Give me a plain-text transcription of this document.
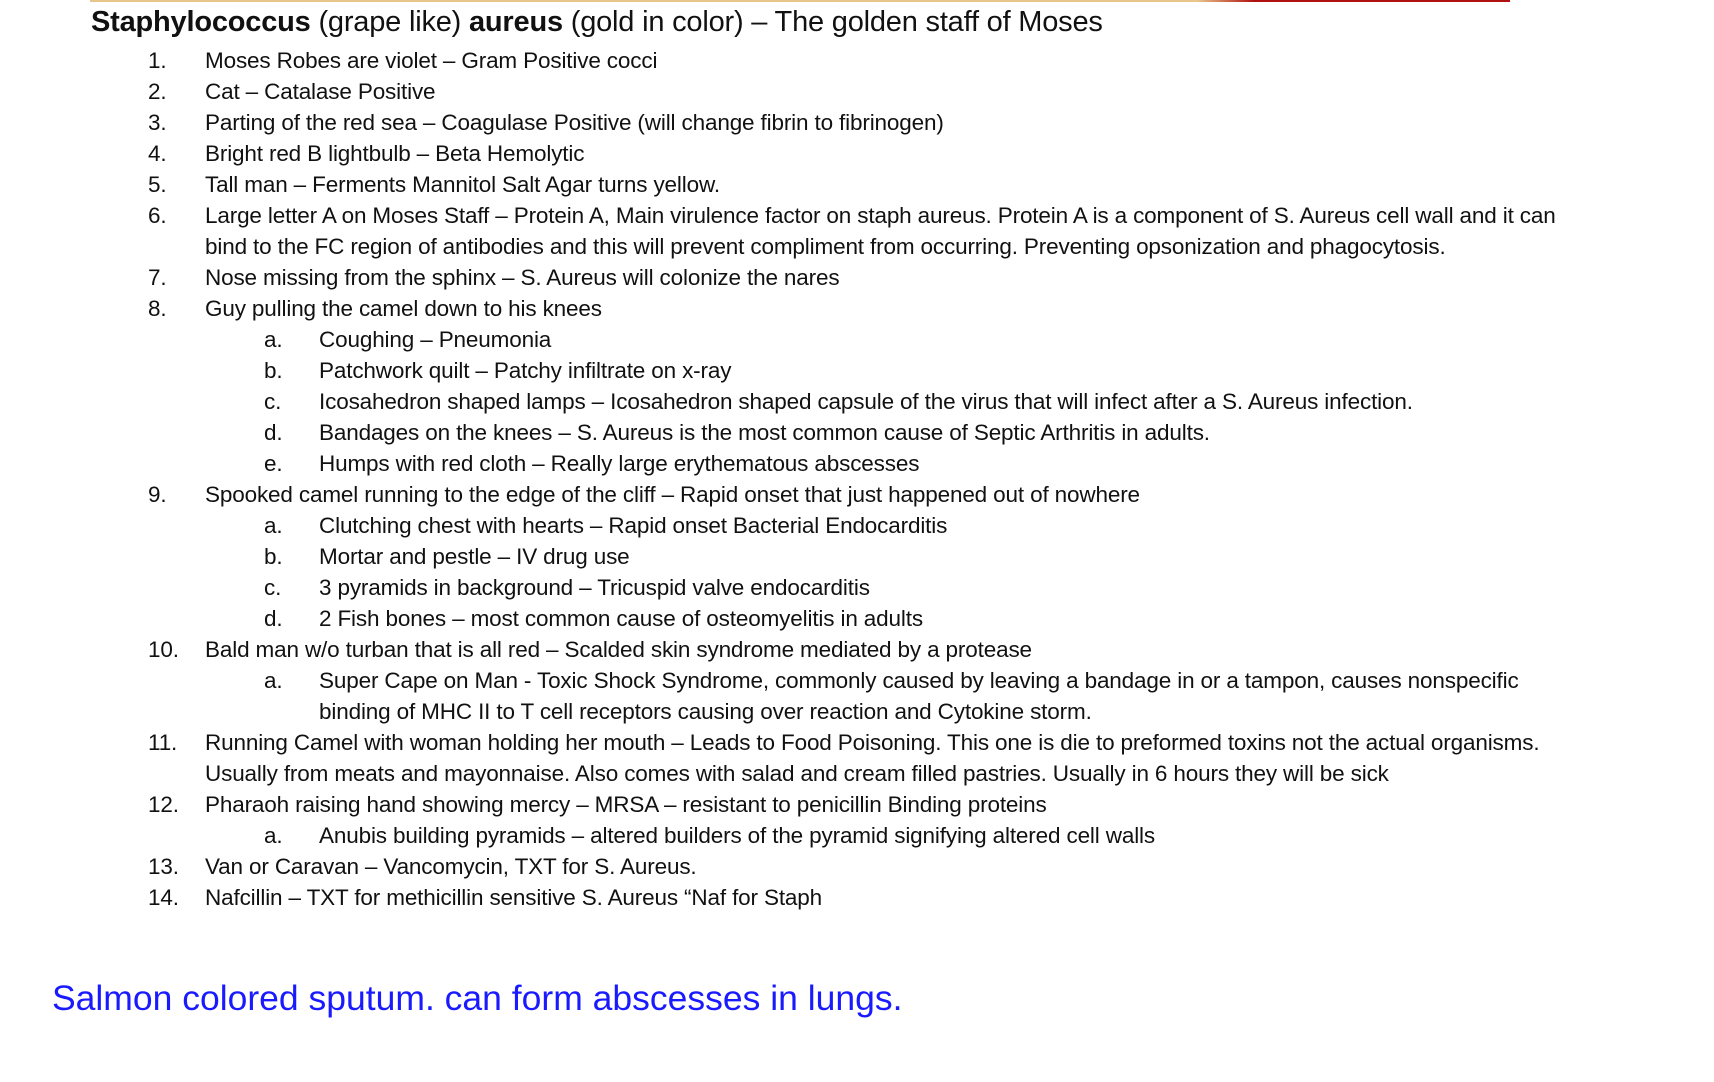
Staphylococcus (grape like) aureus (gold in color) – The golden staff of Moses
1. Moses Robes are violet – Gram Positive cocci
2. Cat – Catalase Positive
3. Parting of the red sea – Coagulase Positive (will change fibrin to fibrinogen)
4. Bright red B lightbulb – Beta Hemolytic
5. Tall man – Ferments Mannitol Salt Agar turns yellow.
6. Large letter A on Moses Staff – Protein A, Main virulence factor on staph aureus. Protein A is a component of S. Aureus cell wall and it can bind to the FC region of antibodies and this will prevent compliment from occurring. Preventing opsonization and phagocytosis.
7. Nose missing from the sphinx – S. Aureus will colonize the nares
8. Guy pulling the camel down to his knees
a. Coughing – Pneumonia
b. Patchwork quilt – Patchy infiltrate on x-ray
c. Icosahedron shaped lamps – Icosahedron shaped capsule of the virus that will infect after a S. Aureus infection.
d. Bandages on the knees – S. Aureus is the most common cause of Septic Arthritis in adults.
e. Humps with red cloth – Really large erythematous abscesses
9. Spooked camel running to the edge of the cliff – Rapid onset that just happened out of nowhere
a. Clutching chest with hearts – Rapid onset Bacterial Endocarditis
b. Mortar and pestle – IV drug use
c. 3 pyramids in background – Tricuspid valve endocarditis
d. 2 Fish bones – most common cause of osteomyelitis in adults
10. Bald man w/o turban that is all red – Scalded skin syndrome mediated by a protease
a. Super Cape on Man - Toxic Shock Syndrome, commonly caused by leaving a bandage in or a tampon, causes nonspecific binding of MHC II to T cell receptors causing over reaction and Cytokine storm.
11. Running Camel with woman holding her mouth – Leads to Food Poisoning. This one is die to preformed toxins not the actual organisms. Usually from meats and mayonnaise. Also comes with salad and cream filled pastries. Usually in 6 hours they will be sick
12. Pharaoh raising hand showing mercy – MRSA – resistant to penicillin Binding proteins
a. Anubis building pyramids – altered builders of the pyramid signifying altered cell walls
13. Van or Caravan – Vancomycin, TXT for S. Aureus.
14. Nafcillin – TXT for methicillin sensitive S. Aureus “Naf for Staph
Salmon colored sputum. can form abscesses in lungs.
